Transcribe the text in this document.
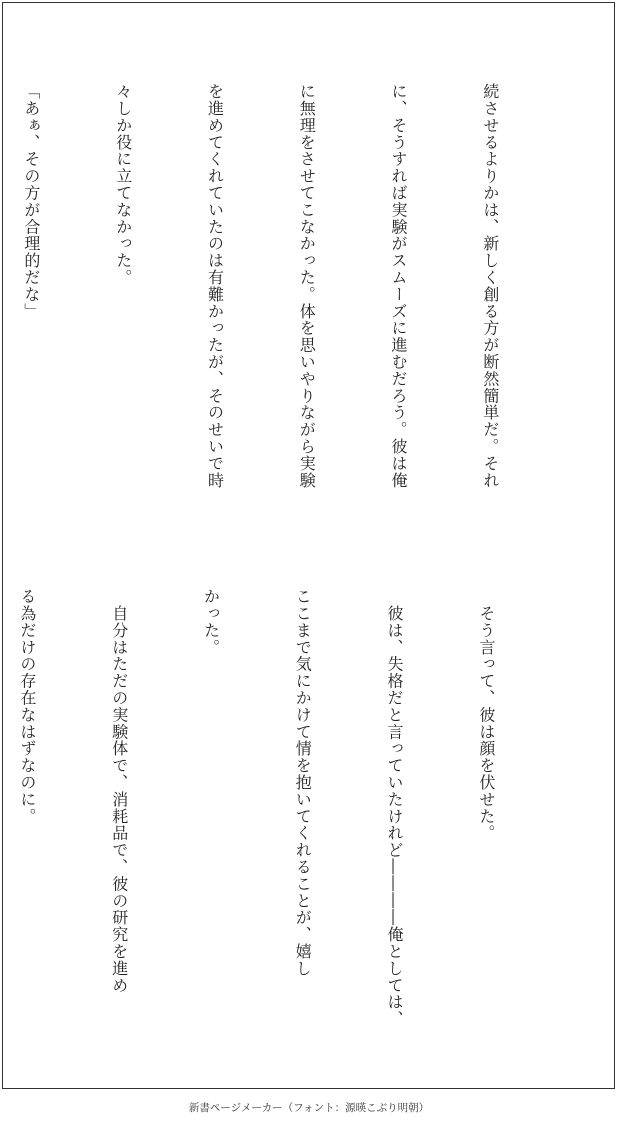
続させるよりかは、新しく創る方が断然簡単だ。それ

に、そうすれば実験がスムーズに進むだろう。彼は俺

に無理をさせてこなかった。体を思いやりながら実験

を進めてくれていたのは有難かったが、そのせいで時

々しか役に立てなかった。

「あぁ、その方が合理的だな」

　そう言って、彼は顔を伏せた。

　彼は、失格だと言っていたけれど――――俺としては、

ここまで気にかけて情を抱いてくれることが、嬉し

かった。

　自分はただの実験体で、消耗品で、彼の研究を進め

る為だけの存在なはずなのに。

新書ページメーカー（フォント：源暎こぶり明朝）
